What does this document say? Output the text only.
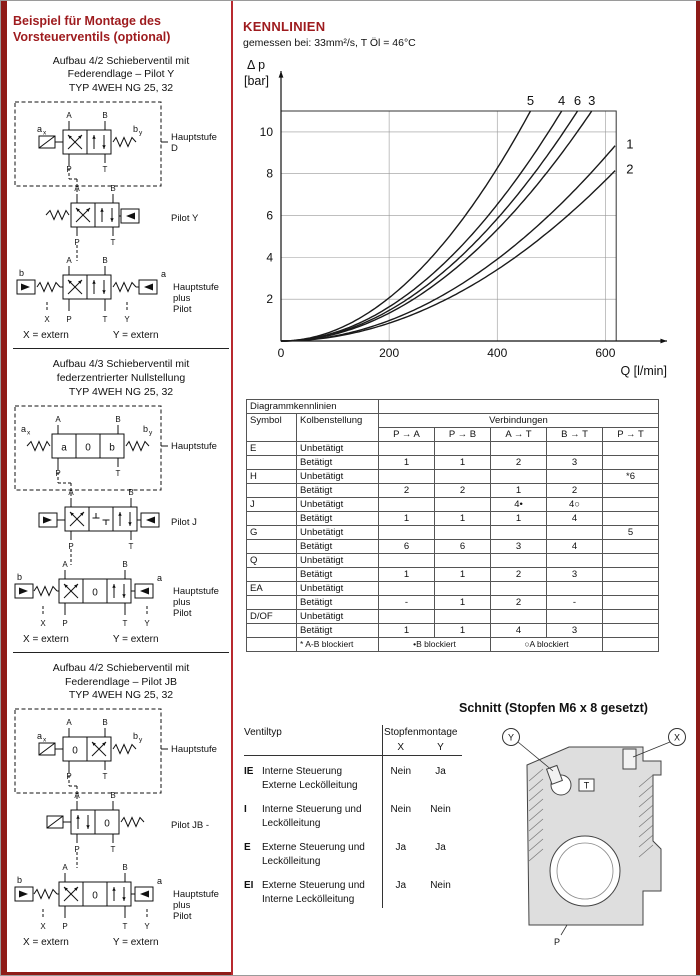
Beispiel für Montage des
Vorsteuerventils (optional)
Aufbau 4/2 Schieberventil mit
Federendlage – Pilot Y
TYP 4WEH NG 25, 32
a x	b y
A	B
P	T
Hauptstufe
D
A	B
P	T
Pilot Y
b	a
A	B
X P	T Y
Hauptstufe
plus
Pilot
X = extern	Y = extern
Aufbau 4/3 Schieberventil mit
federzentrierter Nullstellung
TYP 4WEH NG 25, 32
a 0 b
a x	b y
A	B
P	T
Hauptstufe
A	B
P	T
Pilot J
b
0
a
A	B
X P	T Y
Hauptstufe
plus
Pilot
X = extern	Y = extern
Aufbau 4/2 Schieberventil mit
Federendlage – Pilot JB
TYP 4WEH NG 25, 32
a x
0
b y
A	B
P	T
Hauptstufe
0
A	B
P	T
Pilot JB -
b
0
a
A	B
X P	T Y
Hauptstufe
plus
Pilot
X = extern	Y = extern
KENNLINIEN
gemessen bei: 33mm²/s, T Öl = 46°C
2
4
6
8
10
0	200	400	600
5 4 6 3
1
2
Δ p
[bar]
Q [l/min]
Diagrammkennlinien						
Symbol	Kolbenstellung	Verbindungen				
		P → A	P → B	A → T	B → T	P → T
E	Unbetätigt					
	Betätigt	1	1	2	3	
H	Unbetätigt					*6
	Betätigt	2	2	1	2	
J	Unbetätigt			4•	4○	
	Betätigt	1	1	1	4	
G	Unbetätigt					5
	Betätigt	6	6	3	4	
Q	Unbetätigt					
	Betätigt	1	1	2	3	
EA	Unbetätigt					
	Betätigt	-	1	2	-	
D/OF	Unbetätigt					
	Betätigt	1	1	4	3	
	* A-B blockiert	•B blockiert		○A blockiert		
Schnitt (Stopfen M6 x 8 gesetzt)
Ventiltyp		Stopfenmontage	
		X	Y
IE	Interne Steuerung
Externe Leckölleitung	Nein	Ja
I	Interne Steuerung und
Leckölleitung	Nein	Nein
E	Externe Steuerung und
Leckölleitung	Ja	Ja
EI	Externe Steuerung und
Interne Leckölleitung	Ja	Nein
T
Y	X
P
